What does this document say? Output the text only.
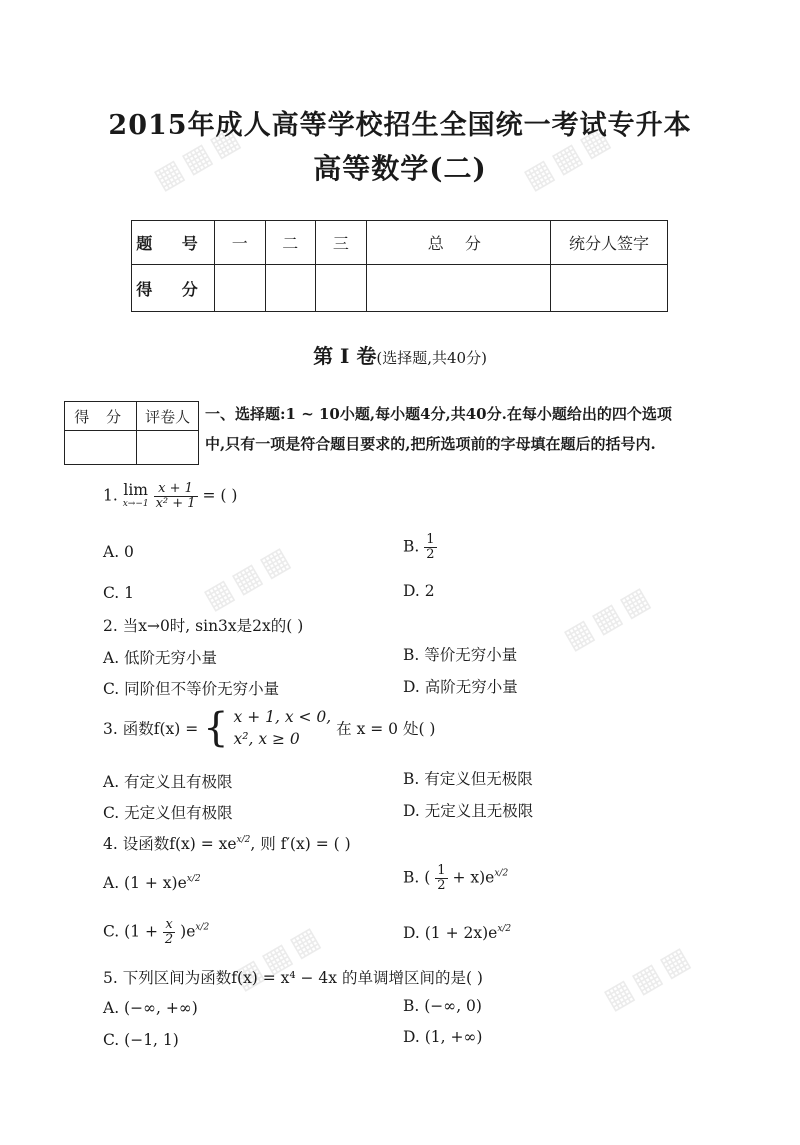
▦▦▦	▦▦▦
▦▦▦
▦▦▦
▦▦▦	▦▦▦
2015年成人高等学校招生全国统一考试专升本
高等数学(二)
题 号	一	二	三	总 分	统分人签字
得 分					
第 I 卷(选择题,共40分)
得 分	评卷人
	一、选择题:1 ~ 10小题,每小题4分,共40分.在每小题给出的四个选项
中,只有一项是符合题目要求的,把所选项前的字母填在题后的括号内.
1. lim
x→−1
$\frac{x + 1}{\text{x² + 1}}$ = ( )
A. 0	B. $\frac{1}{2}$
C. 1	D. 2
2. 当x→0时, sin3x是2x的( )
A. 低阶无穷小量	B. 等价无穷小量
C. 同阶但不等价无穷小量	D. 高阶无穷小量
3. 函数f(x) = { x + 1, x < 0,
x², x ≥ 0
在 x = 0 处( )
A. 有定义且有极限	B. 有定义但无极限
C. 无定义但有极限	D. 无定义且无极限
4. 设函数$f(x) = xe^{x/2}$, 则 f′(x) = ( )
A. $(1 + x)e^{x/2}$	B. ( $\frac{1}{2} + x)e^{x/2}$
C. $(1 + \frac{x}{2} )e^{x/2}$	D. $(1 + 2x)e^{x/2}$
5. 下列区间为函数f(x) = x⁴ − 4x 的单调增区间的是( )
A. (−∞, +∞)	B. (−∞, 0)
C. (−1, 1)	D. (1, +∞)
